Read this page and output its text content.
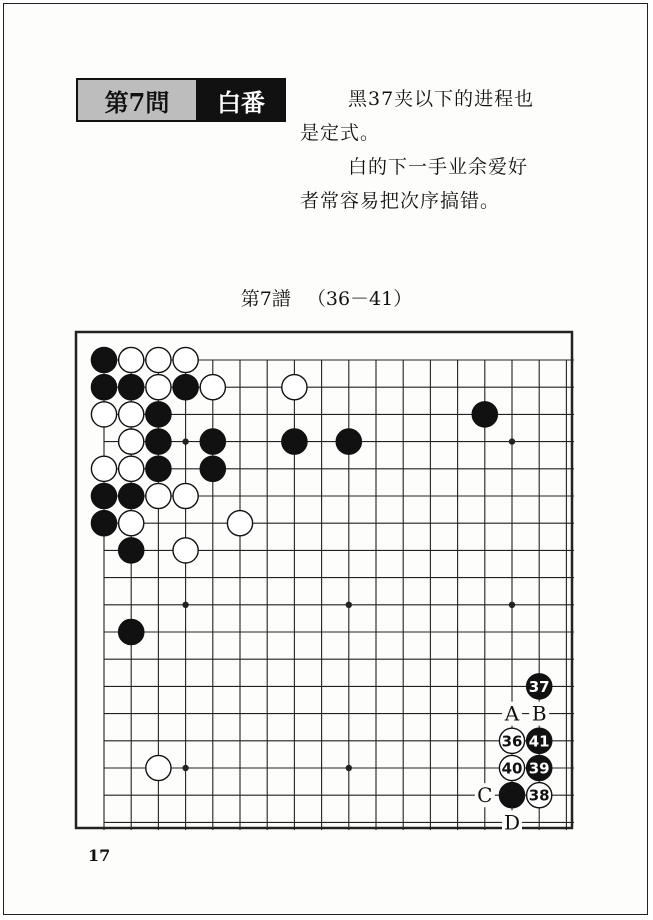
第7問	白番	黑37夹以下的进程也

是定式。

白的下一手业余爱好

者常容易把次序搞错。

第7譜 （36－41）
37
36 41
40 39
38
A B
C
D
17
